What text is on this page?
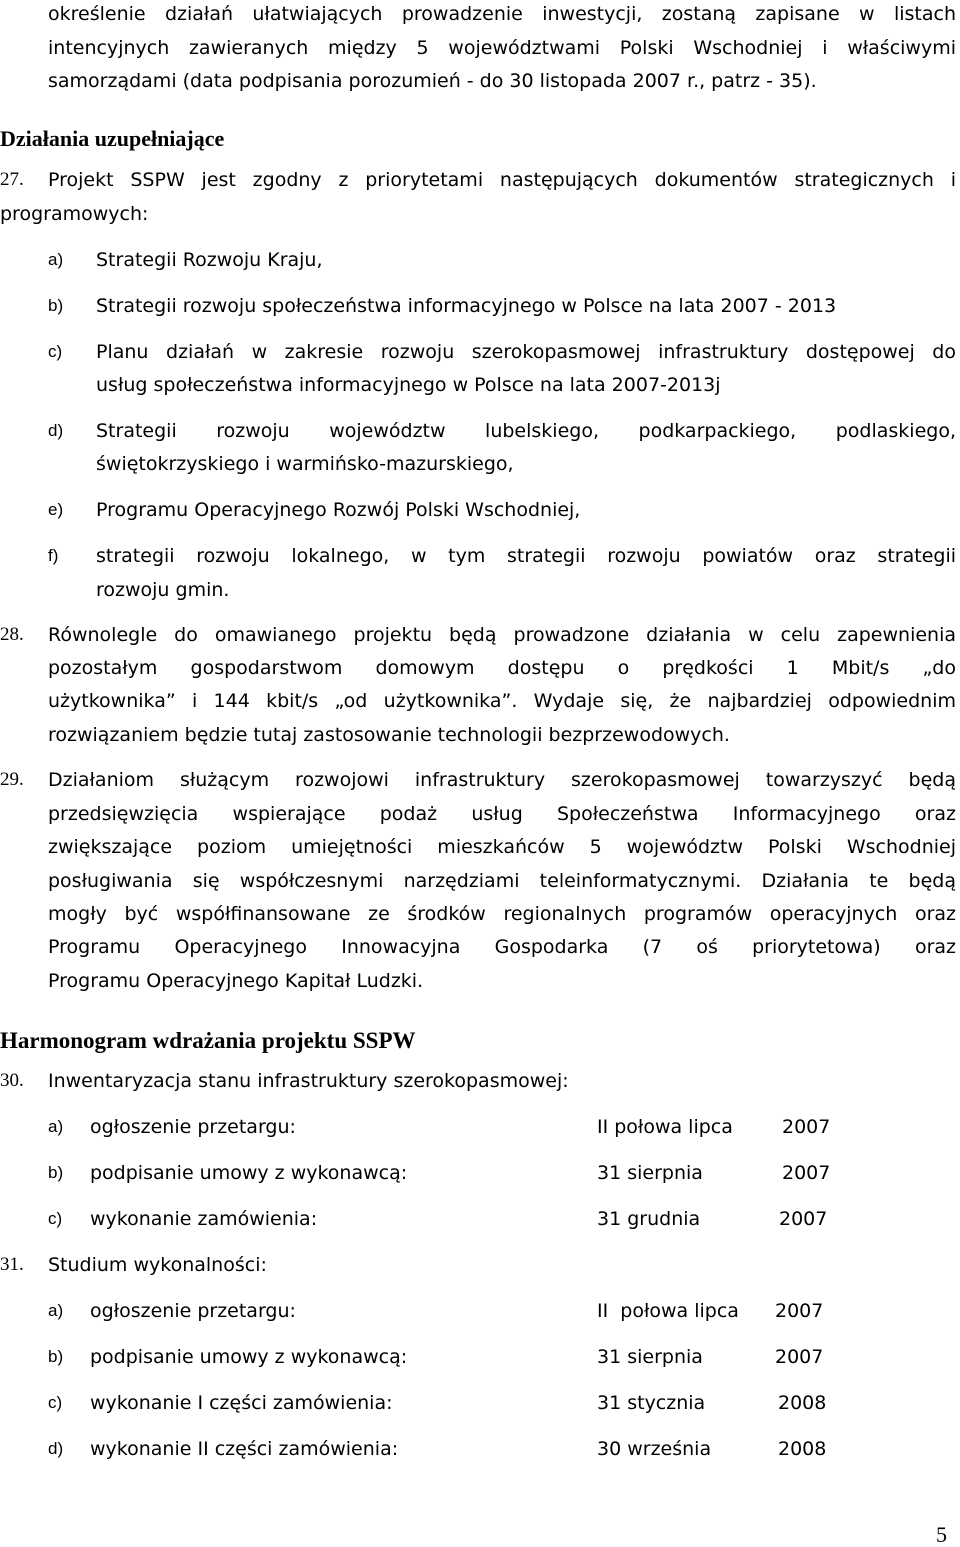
określenie działań ułatwiających prowadzenie inwestycji, zostaną zapisane w listach
intencyjnych zawieranych między 5 województwami Polski Wschodniej i właściwymi
samorządami (data podpisania porozumień - do 30 listopada 2007 r., patrz - 35).
Działania uzupełniające
27. Projekt SSPW jest zgodny z priorytetami następujących dokumentów strategicznych i
programowych:
a) Strategii Rozwoju Kraju,
b) Strategii rozwoju społeczeństwa informacyjnego w Polsce na lata 2007 - 2013
c) Planu działań w zakresie rozwoju szerokopasmowej infrastruktury dostępowej do
usług społeczeństwa informacyjnego w Polsce na lata 2007-2013j
d) Strategii rozwoju województw lubelskiego, podkarpackiego, podlaskiego,
świętokrzyskiego i warmińsko-mazurskiego,
e) Programu Operacyjnego Rozwój Polski Wschodniej,
f) strategii rozwoju lokalnego, w tym strategii rozwoju powiatów oraz strategii
rozwoju gmin.
28. Równolegle do omawianego projektu będą prowadzone działania w celu zapewnienia
pozostałym gospodarstwom domowym dostępu o prędkości 1 Mbit/s „do
użytkownika” i 144 kbit/s „od użytkownika”. Wydaje się, że najbardziej odpowiednim
rozwiązaniem będzie tutaj zastosowanie technologii bezprzewodowych.
29. Działaniom służącym rozwojowi infrastruktury szerokopasmowej towarzyszyć będą
przedsięwzięcia wspierające podaż usług Społeczeństwa Informacyjnego oraz
zwiększające poziom umiejętności mieszkańców 5 województw Polski Wschodniej
posługiwania się współczesnymi narzędziami teleinformatycznymi. Działania te będą
mogły być współfinansowane ze środków regionalnych programów operacyjnych oraz
Programu Operacyjnego Innowacyjna Gospodarka (7 oś priorytetowa) oraz
Programu Operacyjnego Kapitał Ludzki.
Harmonogram wdrażania projektu SSPW
30. Inwentaryzacja stanu infrastruktury szerokopasmowej:
a) ogłoszenie przetargu:	II połowa lipca	2007
b) podpisanie umowy z wykonawcą:	31 sierpnia	2007
c) wykonanie zamówienia:	31 grudnia	2007
31. Studium wykonalności:
a) ogłoszenie przetargu:	II  połowa lipca 2007
b) podpisanie umowy z wykonawcą:	31 sierpnia	2007
c) wykonanie I części zamówienia:	31 stycznia	2008
d) wykonanie II części zamówienia:	30 września	2008
5
